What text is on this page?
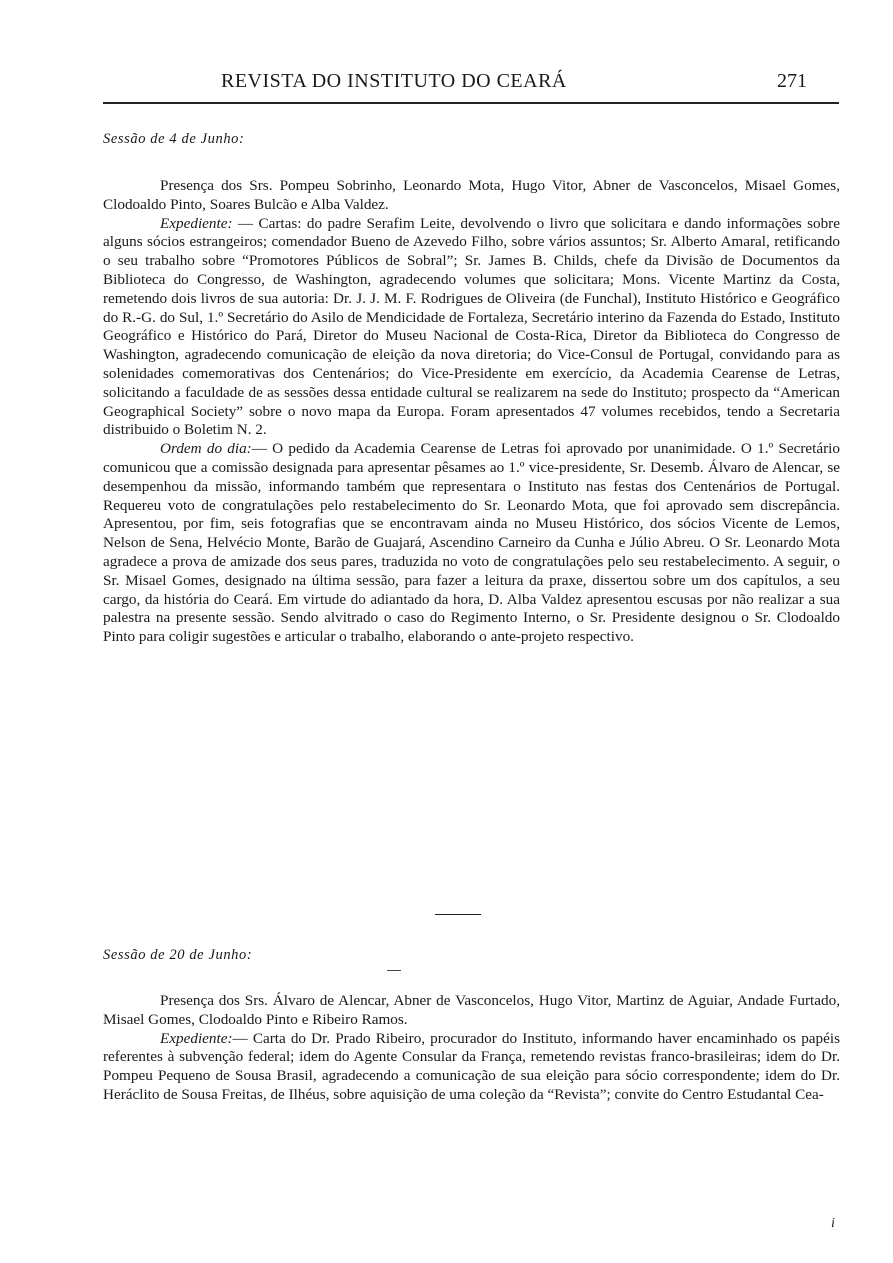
REVISTA DO INSTITUTO DO CEARÁ	271
Sessão de 4 de Junho:

Presença dos Srs. Pompeu Sobrinho, Leonardo Mota, Hugo Vitor, Abner de Vasconcelos, Misael Gomes, Clodoaldo Pinto, Soares Bulcão e Alba Valdez.

Expediente: — Cartas: do padre Serafim Leite, devolvendo o livro que solicitara e dando informações sobre alguns sócios estrangeiros; comendador Bueno de Azevedo Filho, sobre vários assuntos; Sr. Alberto Amaral, retificando o seu trabalho sobre “Promotores Públicos de Sobral”; Sr. James B. Childs, chefe da Divisão de Documentos da Biblioteca do Congresso, de Washington, agradecendo volumes que solicitara; Mons. Vicente Martinz da Costa, remetendo dois livros de sua autoria: Dr. J. J. M. F. Rodrigues de Oliveira (de Funchal), Instituto Histórico e Geográfico do R.-G. do Sul, 1.º Secretário do Asilo de Mendicidade de Fortaleza, Secretário interino da Fazenda do Estado, Instituto Geográfico e Histórico do Pará, Diretor do Museu Nacional de Costa-Rica, Diretor da Biblioteca do Congresso de Washington, agradecendo comunicação de eleição da nova diretoria; do Vice-Consul de Portugal, convidando para as solenidades comemorativas dos Centenários; do Vice-Presidente em exercício, da Academia Cearense de Letras, solicitando a faculdade de as sessões dessa entidade cultural se realizarem na sede do Instituto; prospecto da “American Geographical Society” sobre o novo mapa da Europa. Foram apresentados 47 volumes recebidos, tendo a Secretaria distribuido o Boletim N. 2.

Ordem do dia:— O pedido da Academia Cearense de Letras foi aprovado por unanimidade. O 1.º Secretário comunicou que a comissão designada para apresentar pêsames ao 1.º vice-presidente, Sr. Desemb. Álvaro de Alencar, se desempenhou da missão, informando também que representara o Instituto nas festas dos Centenários de Portugal. Requereu voto de congratulações pelo restabelecimento do Sr. Leonardo Mota, que foi aprovado sem discrepância. Apresentou, por fim, seis fotografias que se encontravam ainda no Museu Histórico, dos sócios Vicente de Lemos, Nelson de Sena, Helvécio Monte, Barão de Guajará, Ascendino Carneiro da Cunha e Júlio Abreu. O Sr. Leonardo Mota agradece a prova de amizade dos seus pares, traduzida no voto de congratulações pelo seu restabelecimento. A seguir, o Sr. Misael Gomes, designado na última sessão, para fazer a leitura da praxe, dissertou sobre um dos capítulos, a seu cargo, da história do Ceará. Em virtude do adiantado da hora, D. Alba Valdez apresentou escusas por não realizar a sua palestra na presente sessão. Sendo alvitrado o caso do Regimento Interno, o Sr. Presidente designou o Sr. Clodoaldo Pinto para coligir sugestões e articular o trabalho, elaborando o ante-projeto respectivo.

Sessão de 20 de Junho:

Presença dos Srs. Álvaro de Alencar, Abner de Vasconcelos, Hugo Vitor, Martinz de Aguiar, Andade Furtado, Misael Gomes, Clodoaldo Pinto e Ribeiro Ramos.

Expediente:— Carta do Dr. Prado Ribeiro, procurador do Instituto, informando haver encaminhado os papéis referentes à subvenção federal; idem do Agente Consular da França, remetendo revistas franco-brasileiras; idem do Dr. Pompeu Pequeno de Sousa Brasil, agradecendo a comunicação de sua eleição para sócio correspondente; idem do Dr. Heráclito de Sousa Freitas, de Ilhéus, sobre aquisição de uma coleção da “Revista”; convite do Centro Estudantal Cea-

i
